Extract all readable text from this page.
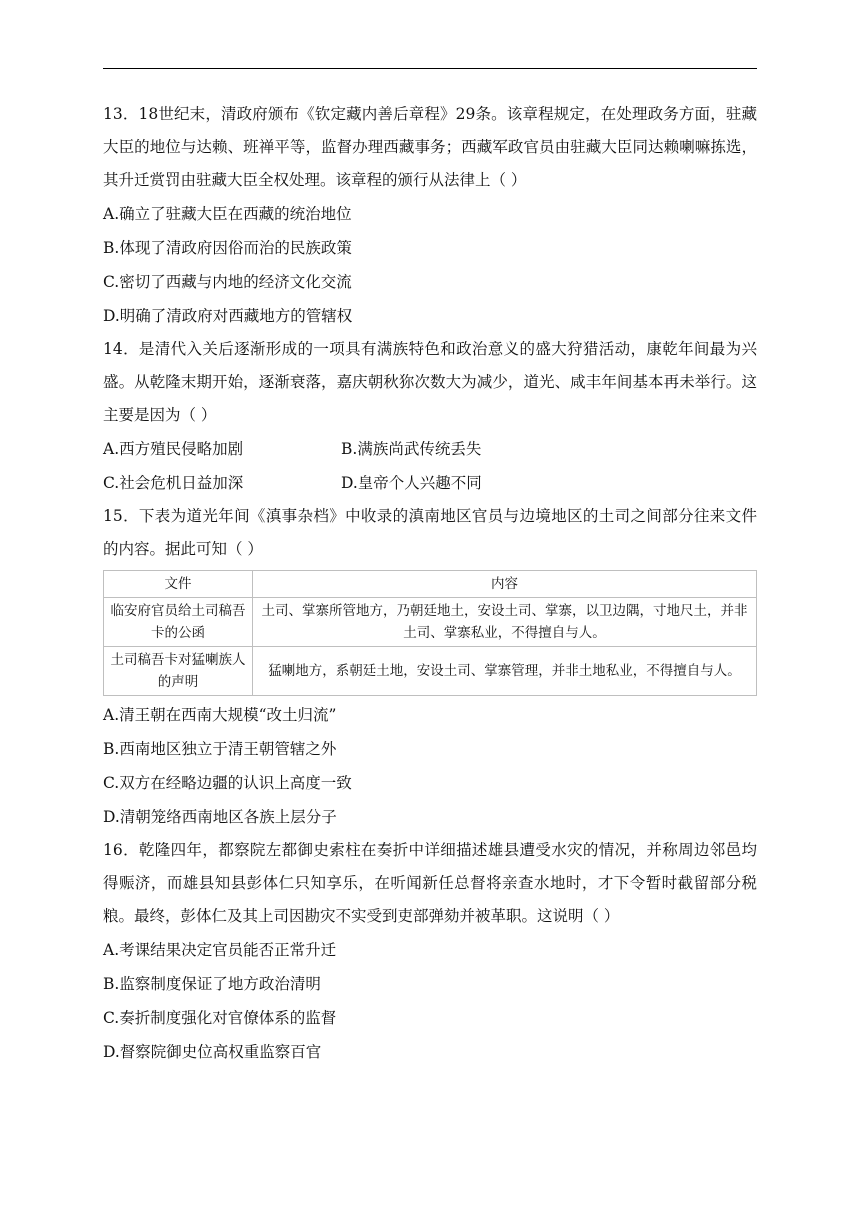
13．18世纪末，清政府颁布《钦定藏内善后章程》29条。该章程规定，在处理政务方面，驻藏大臣的地位与达赖、班禅平等，监督办理西藏事务；西藏军政官员由驻藏大臣同达赖喇嘛拣选，其升迁赏罚由驻藏大臣全权处理。该章程的颁行从法律上（ ）

A.确立了驻藏大臣在西藏的统治地位

B.体现了清政府因俗而治的民族政策

C.密切了西藏与内地的经济文化交流

D.明确了清政府对西藏地方的管辖权

14．是清代入关后逐渐形成的一项具有满族特色和政治意义的盛大狩猎活动，康乾年间最为兴盛。从乾隆末期开始，逐渐衰落，嘉庆朝秋狝次数大为减少，道光、咸丰年间基本再未举行。这主要是因为（ ）

A.西方殖民侵略加剧	B.满族尚武传统丢失
C.社会危机日益加深	D.皇帝个人兴趣不同

15．下表为道光年间《滇事杂档》中收录的滇南地区官员与边境地区的土司之间部分往来文件的内容。据此可知（ ）

文件	内容
临安府官员给土司稿吾卡的公函	土司、掌寨所管地方，乃朝廷地土，安设土司、掌寨，以卫边隅，寸地尺土，并非土司、掌寨私业，不得擅自与人。
土司稿吾卡对猛喇族人的声明	猛喇地方，系朝廷土地，安设土司、掌寨管理，并非土地私业，不得擅自与人。

A.清王朝在西南大规模“改土归流”

B.西南地区独立于清王朝管辖之外

C.双方在经略边疆的认识上高度一致

D.清朝笼络西南地区各族上层分子

16．乾隆四年，都察院左都御史索柱在奏折中详细描述雄县遭受水灾的情况，并称周边邻邑均得赈济，而雄县知县彭体仁只知享乐，在听闻新任总督将亲查水地时，才下令暂时截留部分税粮。最终，彭体仁及其上司因勘灾不实受到吏部弹劾并被革职。这说明（ ）

A.考课结果决定官员能否正常升迁

B.监察制度保证了地方政治清明

C.奏折制度强化对官僚体系的监督

D.督察院御史位高权重监察百官
